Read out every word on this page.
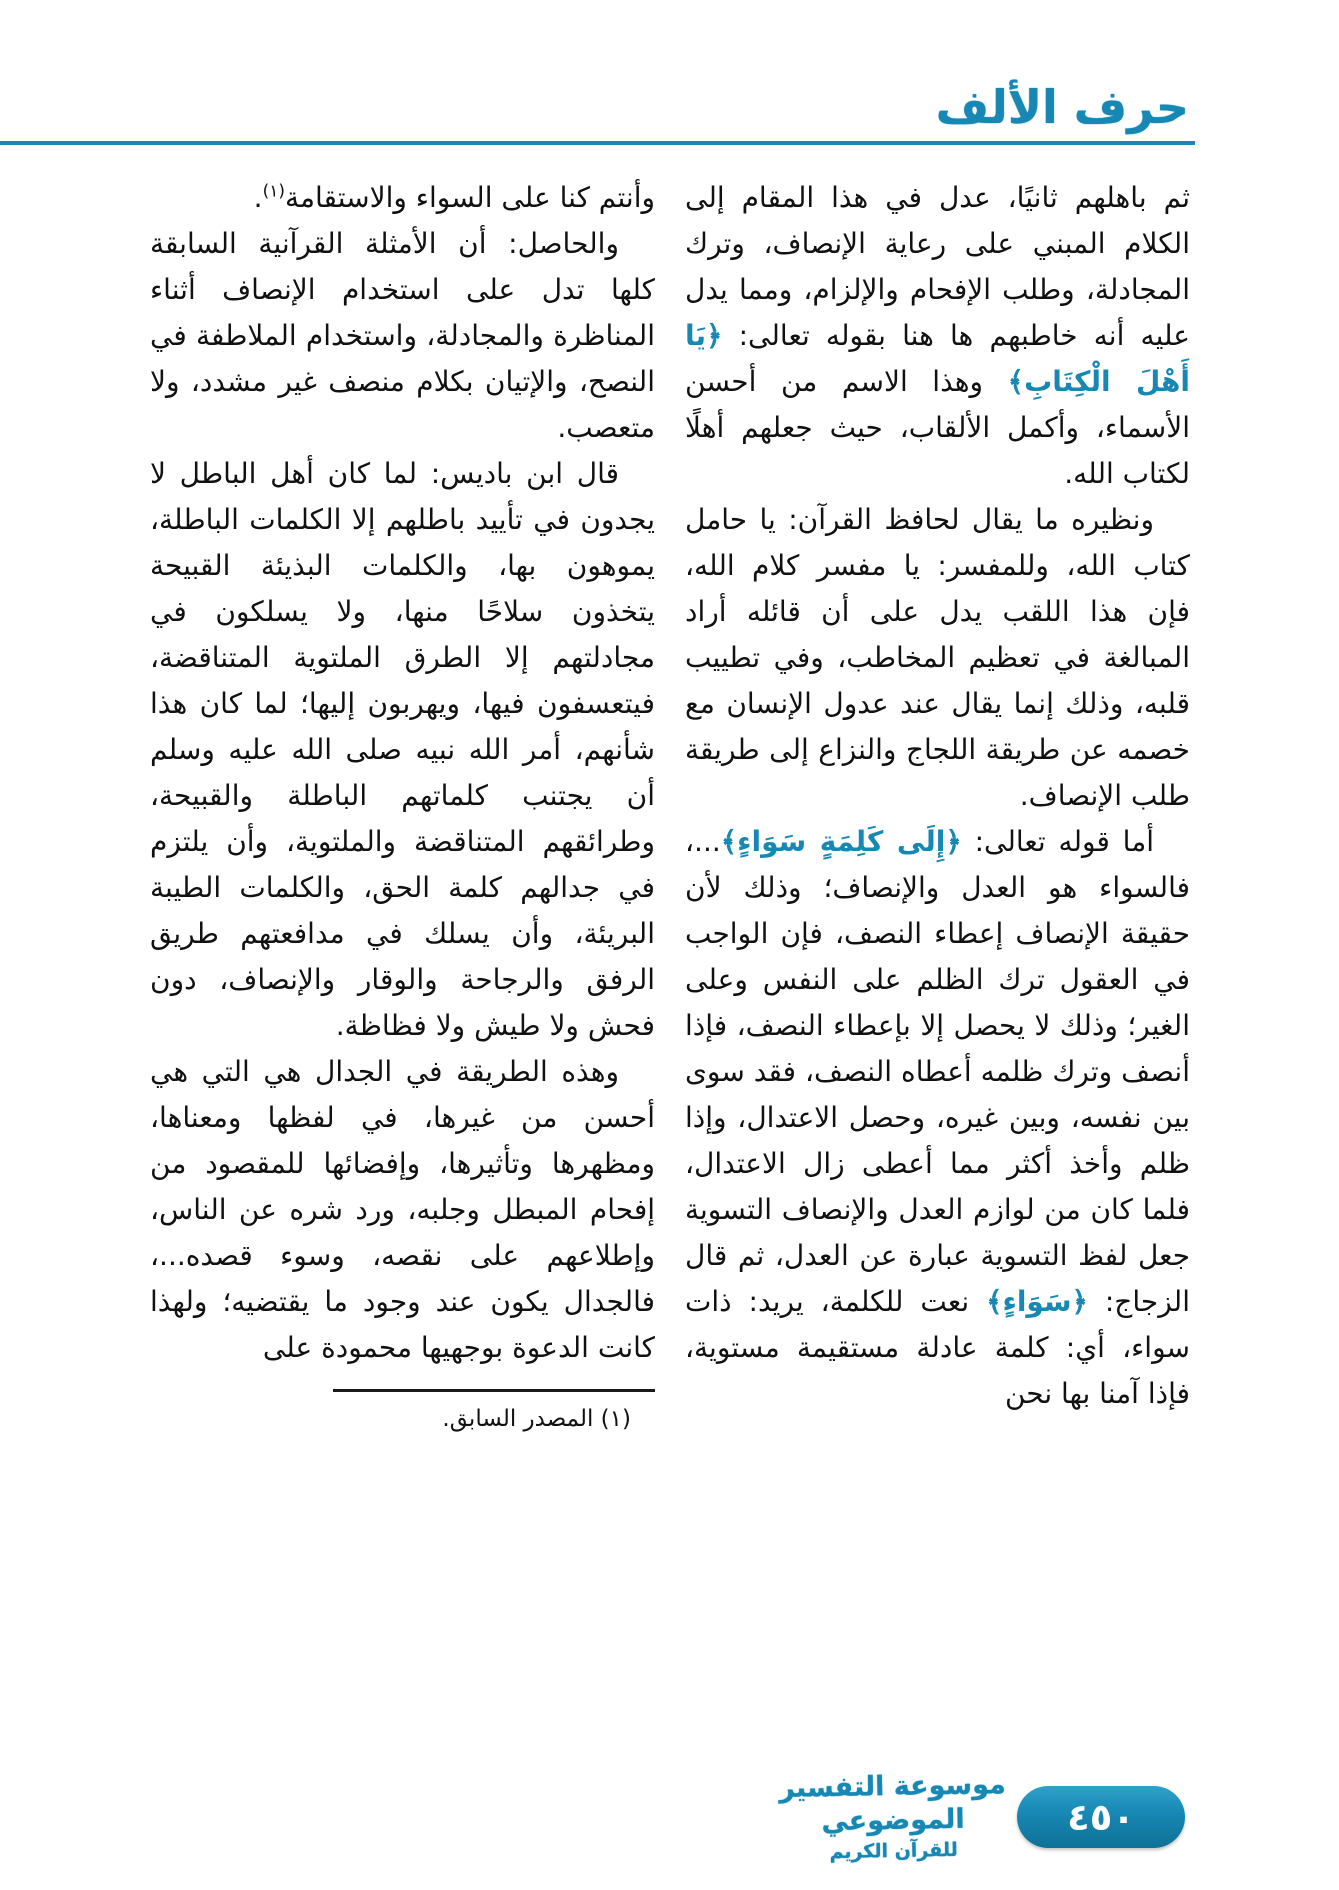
حرف الألف

ثم باهلهم ثانيًا، عدل في هذا المقام إلى الكلام المبني على رعاية الإنصاف، وترك المجادلة، وطلب الإفحام والإلزام، ومما يدل عليه أنه خاطبهم ها هنا بقوله تعالى: ﴿يَا أَهْلَ الْكِتَابِ﴾ وهذا الاسم من أحسن الأسماء، وأكمل الألقاب، حيث جعلهم أهلًا لكتاب الله.

ونظيره ما يقال لحافظ القرآن: يا حامل كتاب الله، وللمفسر: يا مفسر كلام الله، فإن هذا اللقب يدل على أن قائله أراد المبالغة في تعظيم المخاطب، وفي تطييب قلبه، وذلك إنما يقال عند عدول الإنسان مع خصمه عن طريقة اللجاج والنزاع إلى طريقة طلب الإنصاف.

أما قوله تعالى: ﴿إِلَى كَلِمَةٍ سَوَاءٍ﴾...، فالسواء هو العدل والإنصاف؛ وذلك لأن حقيقة الإنصاف إعطاء النصف، فإن الواجب في العقول ترك الظلم على النفس وعلى الغير؛ وذلك لا يحصل إلا بإعطاء النصف، فإذا أنصف وترك ظلمه أعطاه النصف، فقد سوى بين نفسه، وبين غيره، وحصل الاعتدال، وإذا ظلم وأخذ أكثر مما أعطى زال الاعتدال، فلما كان من لوازم العدل والإنصاف التسوية جعل لفظ التسوية عبارة عن العدل، ثم قال الزجاج: ﴿سَوَاءٍ﴾ نعت للكلمة، يريد: ذات سواء، أي: كلمة عادلة مستقيمة مستوية، فإذا آمنا بها نحن

وأنتم كنا على السواء والاستقامة$^{(١)}$.

والحاصل: أن الأمثلة القرآنية السابقة كلها تدل على استخدام الإنصاف أثناء المناظرة والمجادلة، واستخدام الملاطفة في النصح، والإتيان بكلام منصف غير مشدد، ولا متعصب.

قال ابن باديس: لما كان أهل الباطل لا يجدون في تأييد باطلهم إلا الكلمات الباطلة، يموهون بها، والكلمات البذيئة القبيحة يتخذون سلاحًا منها، ولا يسلكون في مجادلتهم إلا الطرق الملتوية المتناقضة، فيتعسفون فيها، ويهربون إليها؛ لما كان هذا شأنهم، أمر الله نبيه صلى الله عليه وسلم أن يجتنب كلماتهم الباطلة والقبيحة، وطرائقهم المتناقضة والملتوية، وأن يلتزم في جدالهم كلمة الحق، والكلمات الطيبة البريئة، وأن يسلك في مدافعتهم طريق الرفق والرجاحة والوقار والإنصاف، دون فحش ولا طيش ولا فظاظة.

وهذه الطريقة في الجدال هي التي هي أحسن من غيرها، في لفظها ومعناها، ومظهرها وتأثيرها، وإفضائها للمقصود من إفحام المبطل وجلبه، ورد شره عن الناس، وإطلاعهم على نقصه، وسوء قصده...، فالجدال يكون عند وجود ما يقتضيه؛ ولهذا كانت الدعوة بوجهيها محمودة على

(١) المصدر السابق.
موسوعة التفسير الموضوعي
للقرآن الكريم
٤٥٠
